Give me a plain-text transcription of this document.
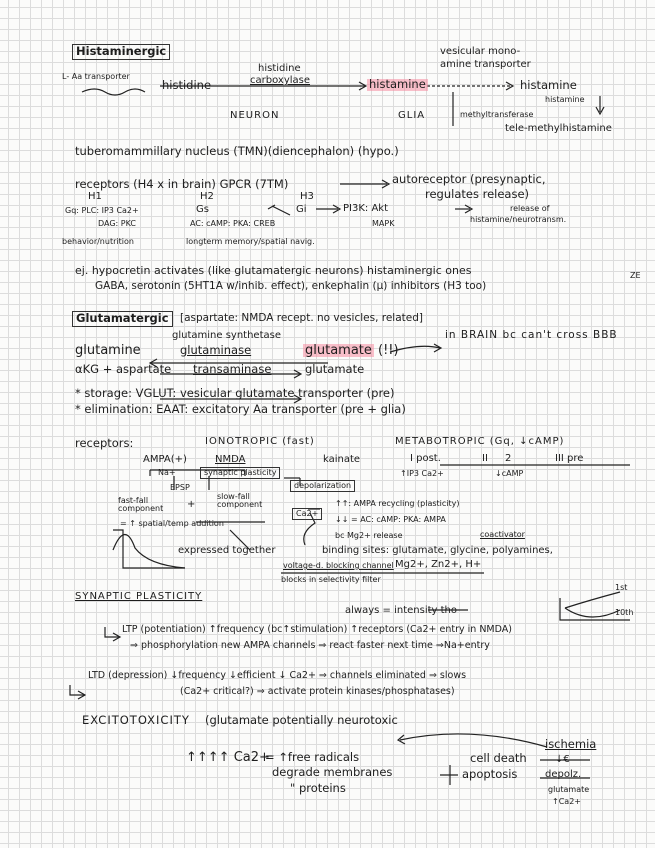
Histaminergic	vesicular mono-
amine transporter
L- Aa transporter
histidine
histidine
carboxylase	histamine	histamine
histamine
methyltransferase
tele-methylhistamine
NEURON	GLIA
tuberomammillary nucleus (TMN)(diencephalon) (hypo.)
receptors (H4 x in brain) GPCR (7TM)	autoreceptor (presynaptic,
regulates release)
H1	H2	H3
Gq: PLC: IP3 Ca2+
DAG: PKC
Gs
AC: cAMP: PKA: CREB
Gi	PI3K: Akt
MAPK
release of
histamine/neurotransm.
behavior/nutrition	longterm memory/spatial navig.
ej. hypocretin activates (like glutamatergic neurons) histaminergic ones
GABA, serotonin (5HT1A w/inhib. effect), enkephalin (μ) inhibitors (H3 too)
ZE
Glutamatergic	[aspartate: NMDA recept. no vesicles, related]
glutamine
glutamine synthetase
glutaminase	glutamate (!!)
in BRAIN bc can't cross BBB
αKG + aspartate transaminase	glutamate
* storage: VGLUT: vesicular glutamate transporter (pre)
* elimination: EAAT: excitatory Aa transporter (pre + glia)
receptors:	IONOTROPIC (fast)	METABOTROPIC (Gq, ↓cAMP)
AMPA(+)	NMDA	kainate
Na+	synaptic plasticity
EPSP	depolarization
fast-fall component	+
slow-fall component
= ↑ spatial/temp addition
expressed together
↑↑: AMPA recycling (plasticity)
↓↓ = AC: cAMP: PKA: AMPA
Ca2+
bc Mg2+ release	coactivator
binding sites: glutamate, glycine, polyamines,
voltage-d. blocking channel Mg2+, Zn2+, H+
blocks in selectivity filter
I post.	II 2	III pre
↑IP3 Ca2+	↓cAMP
SYNAPTIC PLASTICITY
always = intensity tho
LTP (potentiation) ↑frequency (bc↑stimulation) ↑receptors (Ca2+ entry in NMDA)
⇒ phosphorylation new AMPA channels ⇒ react faster next time ⇒Na+entry
1st
10th
LTD (depression) ↓frequency ↓efficient ↓ Ca2+ ⇒ channels eliminated ⇒ slows
(Ca2+ critical?) ⇒ activate protein kinases/phosphatases)
EXCITOTOXICITY (glutamate potentially neurotoxic
↑↑↑↑ Ca2+
= ↑free radicals
degrade membranes
" proteins
cell death
apoptosis
ischemia
↓€
depolz.
glutamate
↑Ca2+
